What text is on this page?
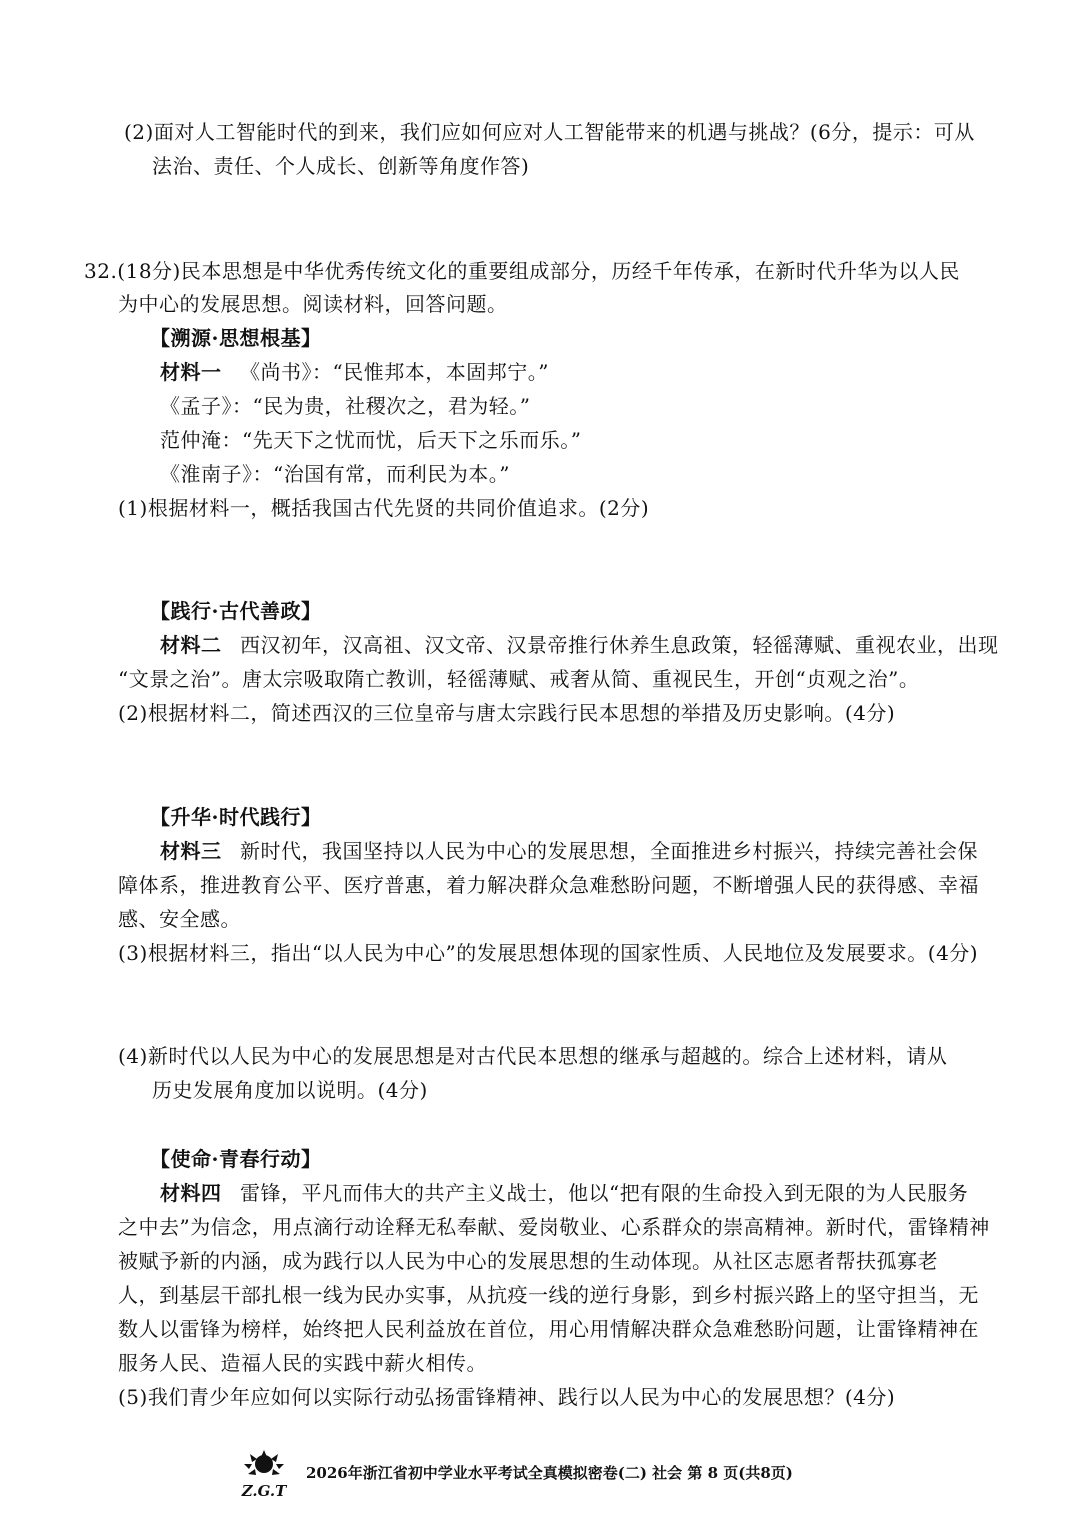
(2)面对人工智能时代的到来，我们应如何应对人工智能带来的机遇与挑战？(6分，提示：可从
法治、责任、个人成长、创新等角度作答)
32.(18分)民本思想是中华优秀传统文化的重要组成部分，历经千年传承，在新时代升华为以人民
为中心的发展思想。阅读材料，回答问题。
【溯源·思想根基】
材料一 《尚书》：“民惟邦本，本固邦宁。”
《孟子》：“民为贵，社稷次之，君为轻。”
范仲淹：“先天下之忧而忧，后天下之乐而乐。”
《淮南子》：“治国有常，而利民为本。”
(1)根据材料一，概括我国古代先贤的共同价值追求。(2分)
【践行·古代善政】
材料二 西汉初年，汉高祖、汉文帝、汉景帝推行休养生息政策，轻徭薄赋、重视农业，出现
“文景之治”。唐太宗吸取隋亡教训，轻徭薄赋、戒奢从简、重视民生，开创“贞观之治”。
(2)根据材料二，简述西汉的三位皇帝与唐太宗践行民本思想的举措及历史影响。(4分)
【升华·时代践行】
材料三 新时代，我国坚持以人民为中心的发展思想，全面推进乡村振兴，持续完善社会保
障体系，推进教育公平、医疗普惠，着力解决群众急难愁盼问题，不断增强人民的获得感、幸福
感、安全感。
(3)根据材料三，指出“以人民为中心”的发展思想体现的国家性质、人民地位及发展要求。(4分)
(4)新时代以人民为中心的发展思想是对古代民本思想的继承与超越的。综合上述材料，请从
历史发展角度加以说明。(4分)
【使命·青春行动】
材料四 雷锋，平凡而伟大的共产主义战士，他以“把有限的生命投入到无限的为人民服务
之中去”为信念，用点滴行动诠释无私奉献、爱岗敬业、心系群众的崇高精神。新时代，雷锋精神
被赋予新的内涵，成为践行以人民为中心的发展思想的生动体现。从社区志愿者帮扶孤寡老
人，到基层干部扎根一线为民办实事，从抗疫一线的逆行身影，到乡村振兴路上的坚守担当，无
数人以雷锋为榜样，始终把人民利益放在首位，用心用情解决群众急难愁盼问题，让雷锋精神在
服务人民、造福人民的实践中薪火相传。
(5)我们青少年应如何以实际行动弘扬雷锋精神、践行以人民为中心的发展思想？(4分)
Z.G.T
2026年浙江省初中学业水平考试全真模拟密卷(二) 社会 第 8 页(共8页)
